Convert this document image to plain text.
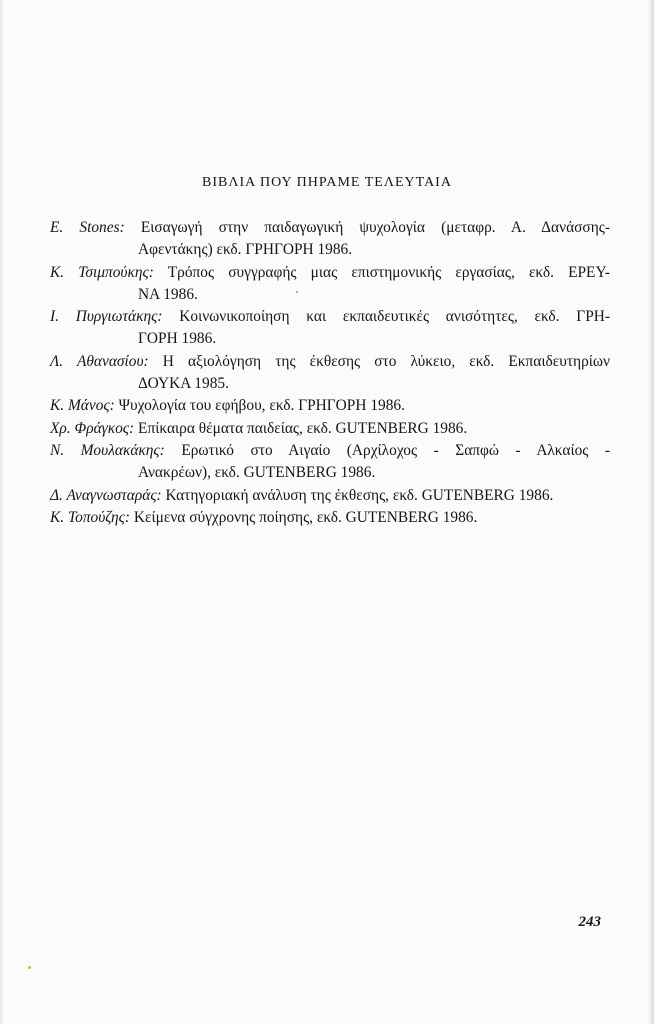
ΒΙΒΛΙΑ ΠΟΥ ΠΗΡΑΜΕ ΤΕΛΕΥΤΑΙΑ
Ε. Stones: Εισαγωγή στην παιδαγωγική ψυχολογία (μεταφρ. Α. Δανάσσης-
Αφεντάκης) εκδ. ΓΡΗΓΟΡΗ 1986.
Κ. Τσιμπούκης: Τρόπος συγγραφής μιας επιστημονικής εργασίας, εκδ. ΕΡΕΥ-
ΝΑ 1986.
Ι. Πυργιωτάκης: Κοινωνικοποίηση και εκπαιδευτικές ανισότητες, εκδ. ΓΡΗ-
ΓΟΡΗ 1986.
Λ. Αθανασίου: Η αξιολόγηση της έκθεσης στο λύκειο, εκδ. Εκπαιδευτηρίων
ΔΟΥΚΑ 1985.
Κ. Μάνος: Ψυχολογία του εφήβου, εκδ. ΓΡΗΓΟΡΗ 1986.
Χρ. Φράγκος: Επίκαιρα θέματα παιδείας, εκδ. GUTENBERG 1986.
Ν. Μουλακάκης: Ερωτικό στο Αιγαίο (Αρχίλοχος - Σαπφώ - Αλκαίος -
Ανακρέων), εκδ. GUTENBERG 1986.
Δ. Αναγνωσταράς: Κατηγοριακή ανάλυση της έκθεσης, εκδ. GUTENBERG 1986.
Κ. Τοπούζης: Κείμενα σύγχρονης ποίησης, εκδ. GUTENBERG 1986.
243
